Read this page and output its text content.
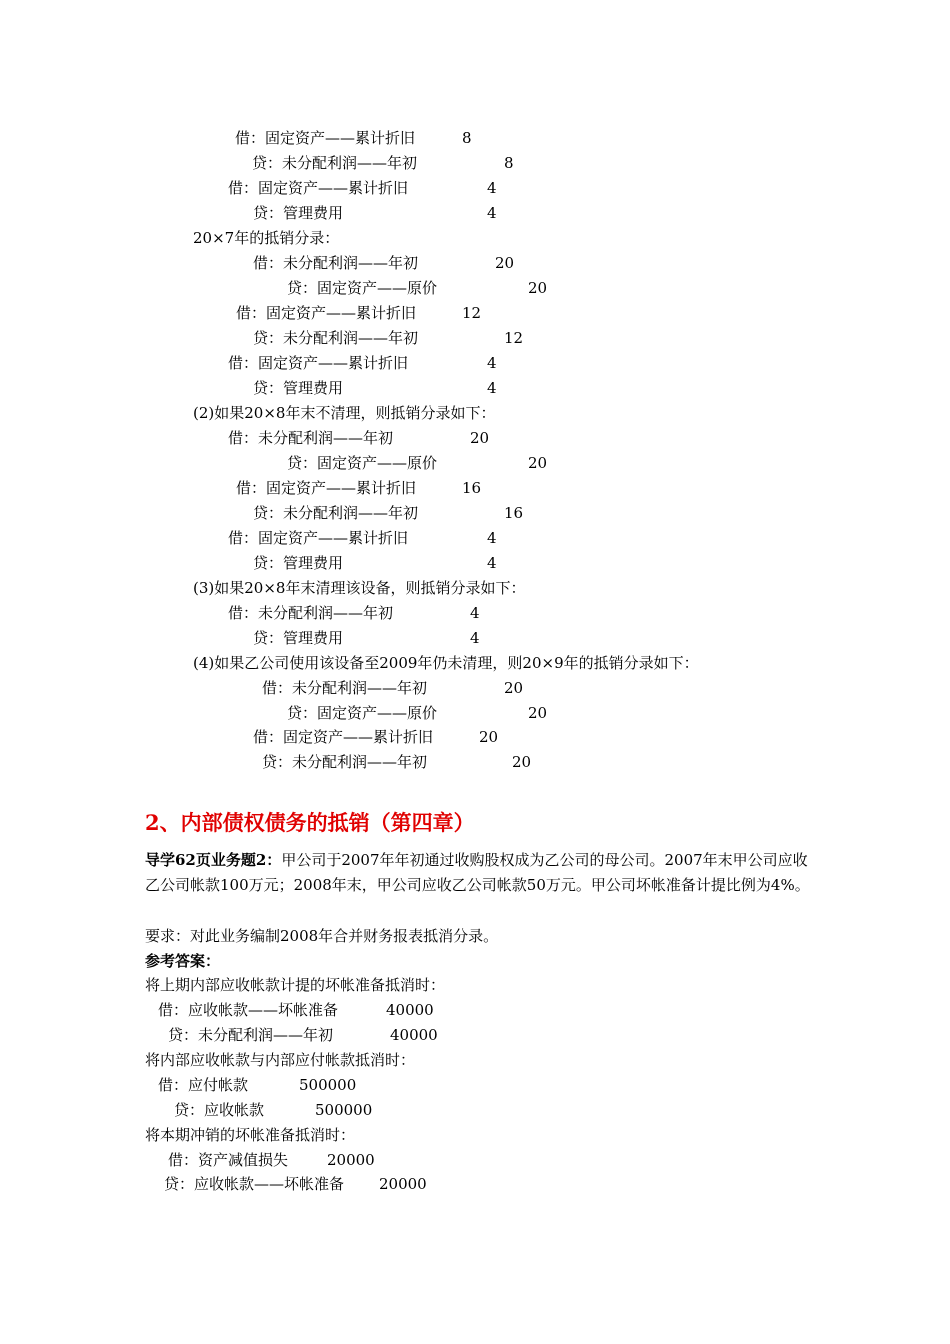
借：固定资产——累计折旧	8
贷：未分配利润——年初	8
借：固定资产——累计折旧	4
贷：管理费用	4
20×7年的抵销分录：
借：未分配利润——年初	20
贷：固定资产——原价	20
借：固定资产——累计折旧	12
贷：未分配利润——年初	12
借：固定资产——累计折旧	4
贷：管理费用	4
(2)如果20×8年末不清理，则抵销分录如下：
借：未分配利润——年初	20
贷：固定资产——原价	20
借：固定资产——累计折旧	16
贷：未分配利润——年初	16
借：固定资产——累计折旧	4
贷：管理费用	4
(3)如果20×8年末清理该设备，则抵销分录如下：
借：未分配利润——年初	4
贷：管理费用	4
(4)如果乙公司使用该设备至2009年仍未清理，则20×9年的抵销分录如下：
借：未分配利润——年初	20
贷：固定资产——原价	20
借：固定资产——累计折旧	20
贷：未分配利润——年初	20
2、内部债权债务的抵销（第四章）
导学62页业务题2：甲公司于2007年年初通过收购股权成为乙公司的母公司。2007年末甲公司应收乙公司帐款100万元；2008年末，甲公司应收乙公司帐款50万元。甲公司坏帐准备计提比例为4%。
要求：对此业务编制2008年合并财务报表抵消分录。
参考答案：
将上期内部应收帐款计提的坏帐准备抵消时：
借：应收帐款——坏帐准备	40000
贷：未分配利润——年初	40000
将内部应收帐款与内部应付帐款抵消时：
借：应付帐款	500000
贷：应收帐款	500000
将本期冲销的坏帐准备抵消时：
借：资产减值损失	20000
贷：应收帐款——坏帐准备 20000
